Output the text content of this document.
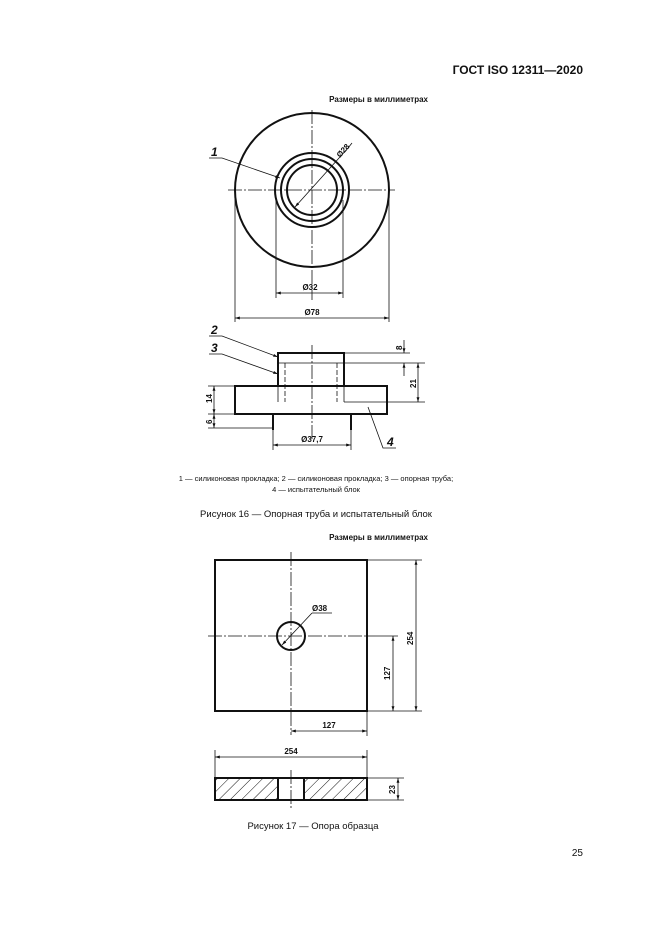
ГОСТ ISO 12311—2020
Размеры в миллиметрах
Ø28
Ø32
Ø78
1
14
6
8
21
Ø37,7
2
3
4
1 — силиконовая прокладка; 2 — силиконовая прокладка; 3 — опорная труба;
4 — испытательный блок
Рисунок 16 — Опорная труба и испытательный блок
Размеры в миллиметрах
Ø38
254
127
127
254
23
Рисунок 17 — Опора образца
25
